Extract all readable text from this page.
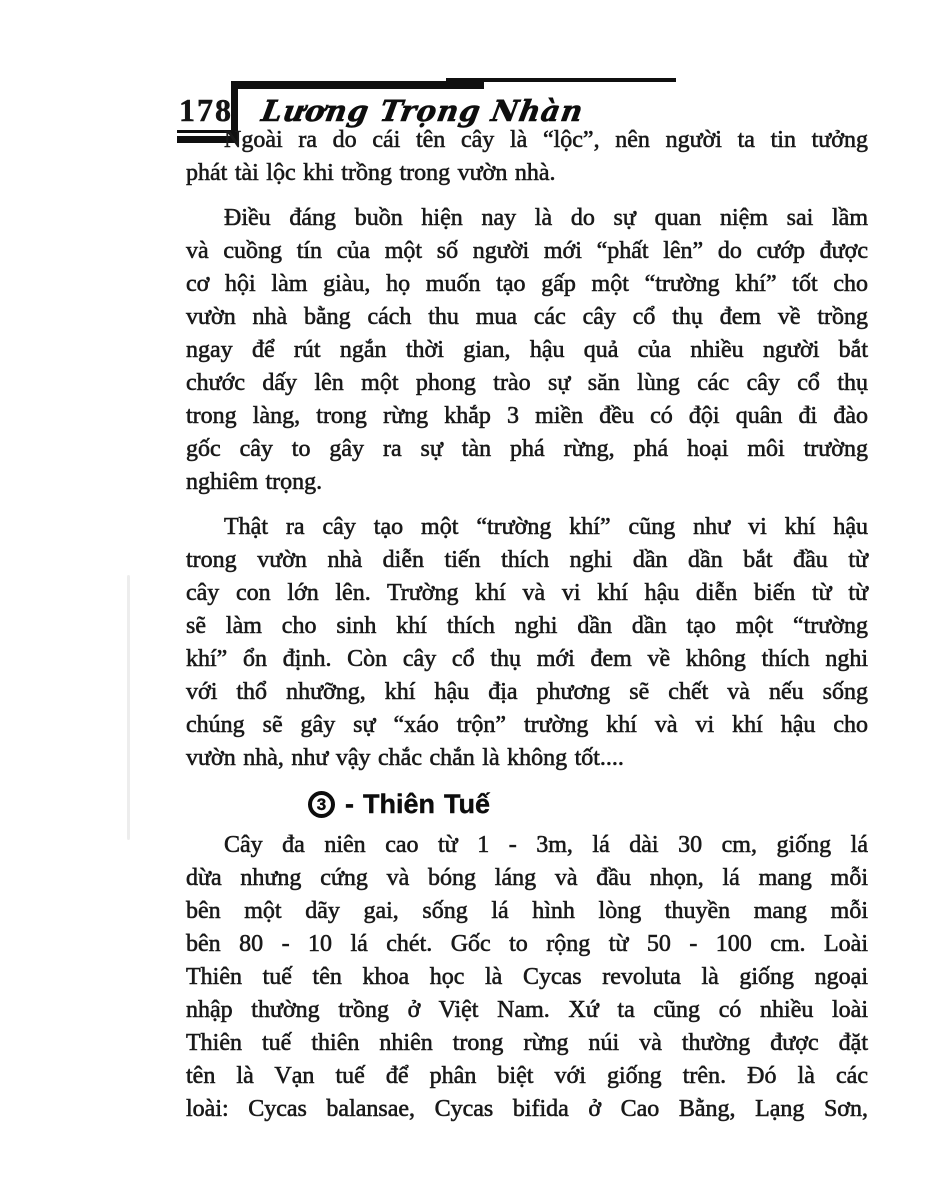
178 Lương Trọng Nhàn
Ngoài ra do cái tên cây là “lộc”, nên người ta tin tưởng
phát tài lộc khi trồng trong vườn nhà.
Điều đáng buồn hiện nay là do sự quan niệm sai lầm
và cuồng tín của một số người mới “phất lên” do cướp được
cơ hội làm giàu, họ muốn tạo gấp một “trường khí” tốt cho
vườn nhà bằng cách thu mua các cây cổ thụ đem về trồng
ngay để rút ngắn thời gian, hậu quả của nhiều người bắt
chước dấy lên một phong trào sự săn lùng các cây cổ thụ
trong làng, trong rừng khắp 3 miền đều có đội quân đi đào
gốc cây to gây ra sự tàn phá rừng, phá hoại môi trường
nghiêm trọng.
Thật ra cây tạo một “trường khí” cũng như vi khí hậu
trong vườn nhà diễn tiến thích nghi dần dần bắt đầu từ
cây con lớn lên. Trường khí và vi khí hậu diễn biến từ từ
sẽ làm cho sinh khí thích nghi dần dần tạo một “trường
khí” ổn định. Còn cây cổ thụ mới đem về không thích nghi
với thổ nhưỡng, khí hậu địa phương sẽ chết và nếu sống
chúng sẽ gây sự “xáo trộn” trường khí và vi khí hậu cho
vườn nhà, như vậy chắc chắn là không tốt....
3 - Thiên Tuế
Cây đa niên cao từ 1 - 3m, lá dài 30 cm, giống lá
dừa nhưng cứng và bóng láng và đầu nhọn, lá mang mỗi
bên một dãy gai, sống lá hình lòng thuyền mang mỗi
bên 80 - 10 lá chét. Gốc to rộng từ 50 - 100 cm. Loài
Thiên tuế tên khoa học là Cycas revoluta là giống ngoại
nhập thường trồng ở Việt Nam. Xứ ta cũng có nhiều loài
Thiên tuế thiên nhiên trong rừng núi và thường được đặt
tên là Vạn tuế để phân biệt với giống trên. Đó là các
loài: Cycas balansae, Cycas bifida ở Cao Bằng, Lạng Sơn,
